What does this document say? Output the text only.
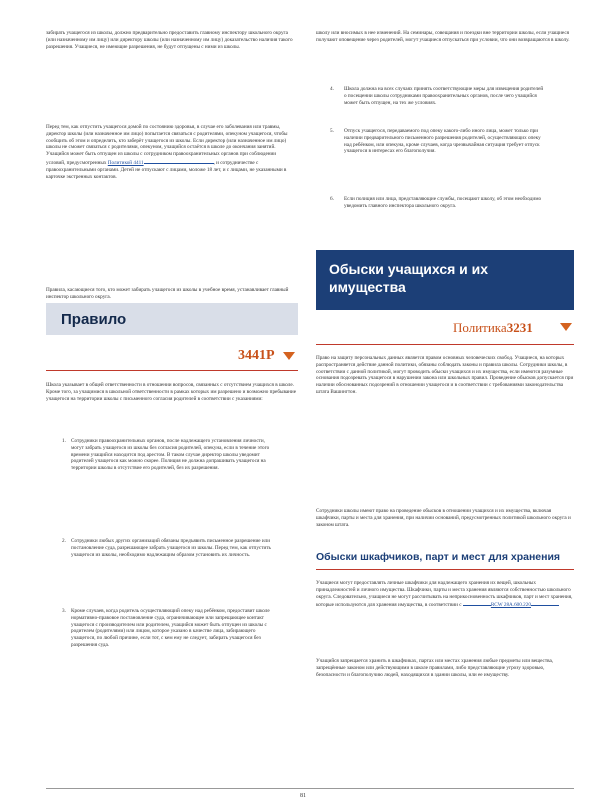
забирать учащегося из школы, должно предварительно предоставить главному инспектору школьного округа (или назначенному им лицу) или директору школы (или назначенному им лицу) доказательство наличия такого разрешения. Учащиеся, не имеющие разрешения, не будут отпущены с ними из школы.
Перед тем, как отпустить учащегося домой по состоянию здоровья, в случае его заболевания или травмы, директор школы (или назначенное им лицо) попытается связаться с родителями, опекуном учащегося, чтобы сообщить об этом и определить, кто заберёт учащегося из школы. Если директор (или назначенное им лицо) школы не сможет связаться с родителями, опекуном, учащийся остаётся в школе до окончания занятий. Учащийся может быть отпущен из школы с сотрудником правоохранительных органов при соблюдении условий, предусмотренных Политикой 4411	, и сотрудничестве с правоохранительными органами. Детей не отпускают с лицами, моложе 18 лет, и с лицами, не указанными в карточке экстренных контактов.
Правила, касающиеся того, кто может забирать учащегося из школы в учебное время, устанавливает главный инспектор школьного округа.
Правило
3441P
Школа указывает в общей ответственности в отношении вопросов, связанных с отсутствием учащихся в школе. Кроме того, за учащимися в школьной ответственности в рамках которых им разрешено и возможно пребывание учащегося на территории школы с письменного согласия родителей в соответствии с указаниями:
1. Сотрудники правоохранительных органов, после надлежащего установления личности, могут забрать учащегося из школы без согласия родителей, опекуна, если в течение этого времени учащийся находится под арестом. В таком случае директор школы уведомит родителей учащегося как можно скорее. Полиция не должна допрашивать учащегося на территории школы в отсутствие его родителей, без их разрешения.
2. Сотрудники любых других организаций обязаны предъявить письменное разрешение или постановление суда, разрешающее забрать учащегося из школы. Перед тем, как отпустить учащегося из школы, необходимо надлежащим образом установить их личность.
3. Кроме случаев, когда родитель осуществляющий опеку над ребёнком, предоставит школе нормативно-правовое постановление суда, ограничивающее или запрещающее контакт учащегося с производителем или родителем, учащийся может быть отпущен из школы с родителем (родителями) или лицом, которое указано в качестве лица, забирающего учащегося, по любой причине, если тот, с кем ему не следует, забирать учащегося без разрешения суда.
школу или вносимых в нее изменений. На семинары, совещания и поездки вне территории школы, если учащиеся получают оповещение через родителей, могут учащиеся отпускаться при условии, что они возвращаются в школу.
4. Школа должна на всех случаях принять соответствующие меры для извещения родителей о посещении школы сотрудниками правоохранительных органов, после чего учащийся может быть отпущен, на тех же условиях.
5. Отпуск учащегося, передаваемого под опеку какого-либо иного лица, может только при наличии предварительного письменного разрешения родителей, осуществляющих опеку над ребёнком, или опекуна, кроме случаев, когда чрезвычайная ситуация требует отпуск учащегося в интересах его благополучия.
6. Если полиция или лица, представляющие службы, посещают школу, об этом необходимо уведомить главного инспектора школьного округа.
Обыски учащихся и их имущества
Политика3231
Право на защиту персональных данных является правом основных человеческих свобод. Учащиеся, на которых распространяется действие данной политики, обязаны соблюдать законы и правила школы. Сотрудники школы, в соответствии с данной политикой, могут проводить обыски учащихся и их имущества, если имеются разумные основания подозревать учащегося в нарушении закона или школьных правил. Проведение обысков допускается при наличии обоснованных подозрений в отношении учащегося и в соответствии с требованиями законодательства штата Вашингтон.
Сотрудники школы имеют право на проведение обысков в отношении учащихся и их имущества, включая шкафчики, парты и места для хранения, при наличии оснований, предусмотренных политикой школьного округа и законом штата.
Обыски шкафчиков, парт и мест для хранения
Учащиеся могут предоставлять личные шкафчики для надлежащего хранения их вещей, школьных принадлежностей и личного имущества. Шкафчики, парты и места хранения являются собственностью школьного округа. Следовательно, учащиеся не могут рассчитывать на неприкосновенность шкафчиков, парт и мест хранения, которые используются для хранения имущества, в соответствии с	RCW 28A.600.220
Учащийся запрещается хранить в шкафчиках, партах или местах хранения любые предметы или вещества, запрещённые законом или действующими в школе правилами, либо представляющие угрозу здоровью, безопасности и благополучию людей, находящихся в здании школы, или ее имуществу.
81
